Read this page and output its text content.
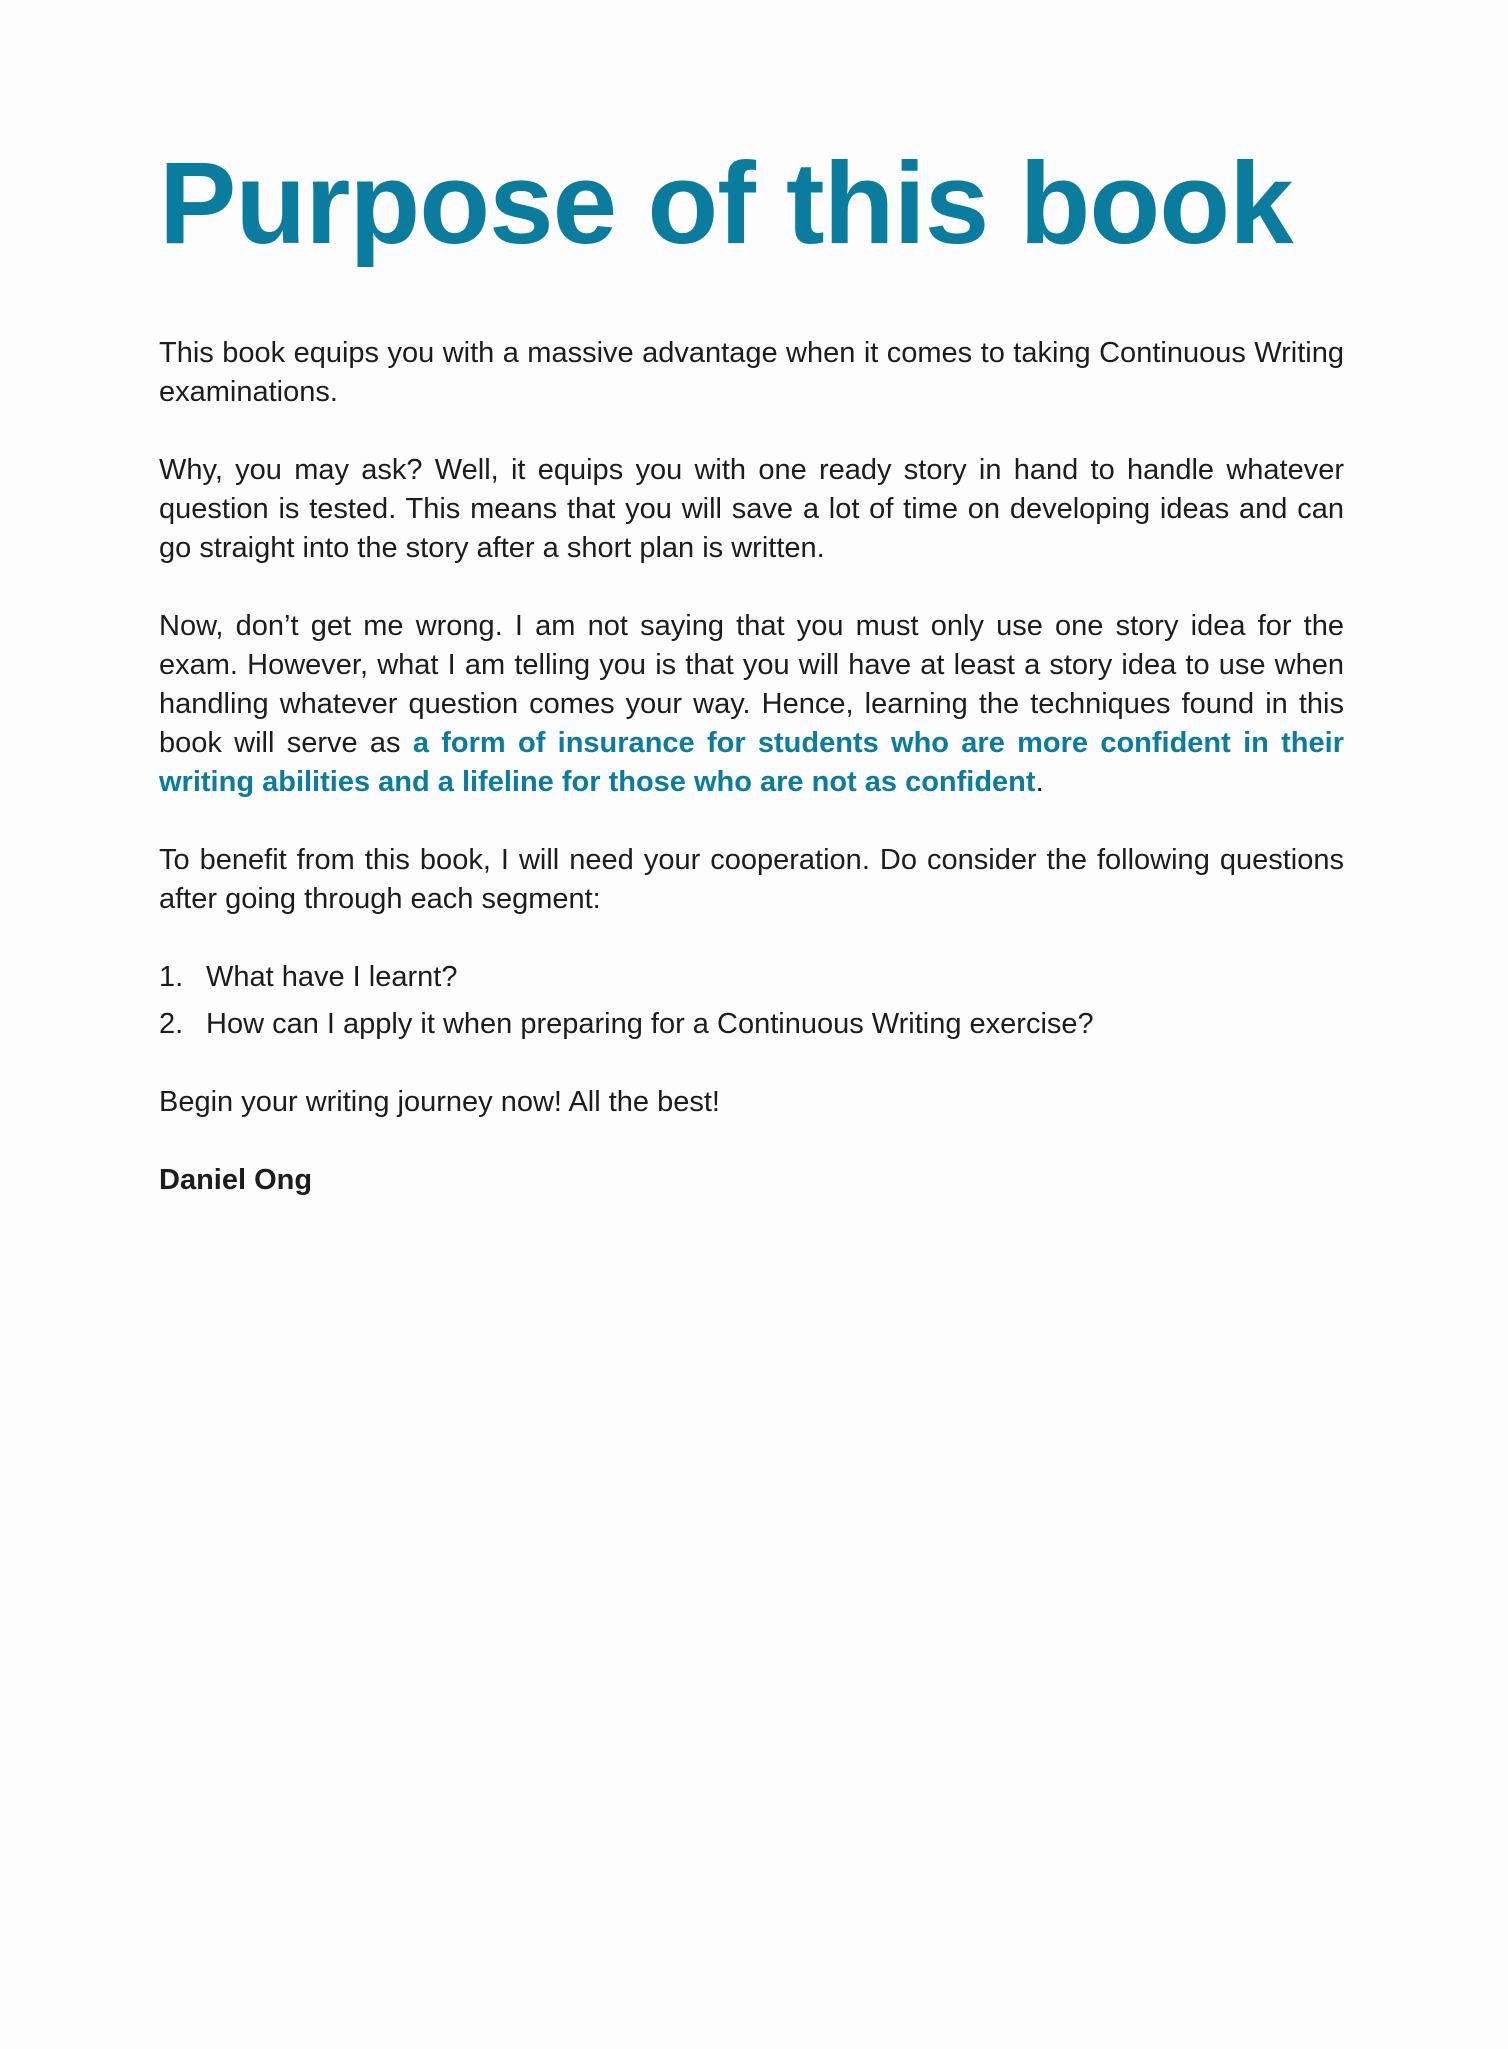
Purpose of this book

This book equips you with a massive advantage when it comes to taking Continuous Writing examinations.

Why, you may ask? Well, it equips you with one ready story in hand to handle whatever question is tested. This means that you will save a lot of time on developing ideas and can go straight into the story after a short plan is written.

Now, don’t get me wrong. I am not saying that you must only use one story idea for the exam. However, what I am telling you is that you will have at least a story idea to use when handling whatever question comes your way. Hence, learning the techniques found in this book will serve as a form of insurance for students who are more confident in their writing abilities and a lifeline for those who are not as confident.

To benefit from this book, I will need your cooperation. Do consider the following questions after going through each segment:

1. What have I learnt?
2. How can I apply it when preparing for a Continuous Writing exercise?

Begin your writing journey now! All the best!

Daniel Ong
